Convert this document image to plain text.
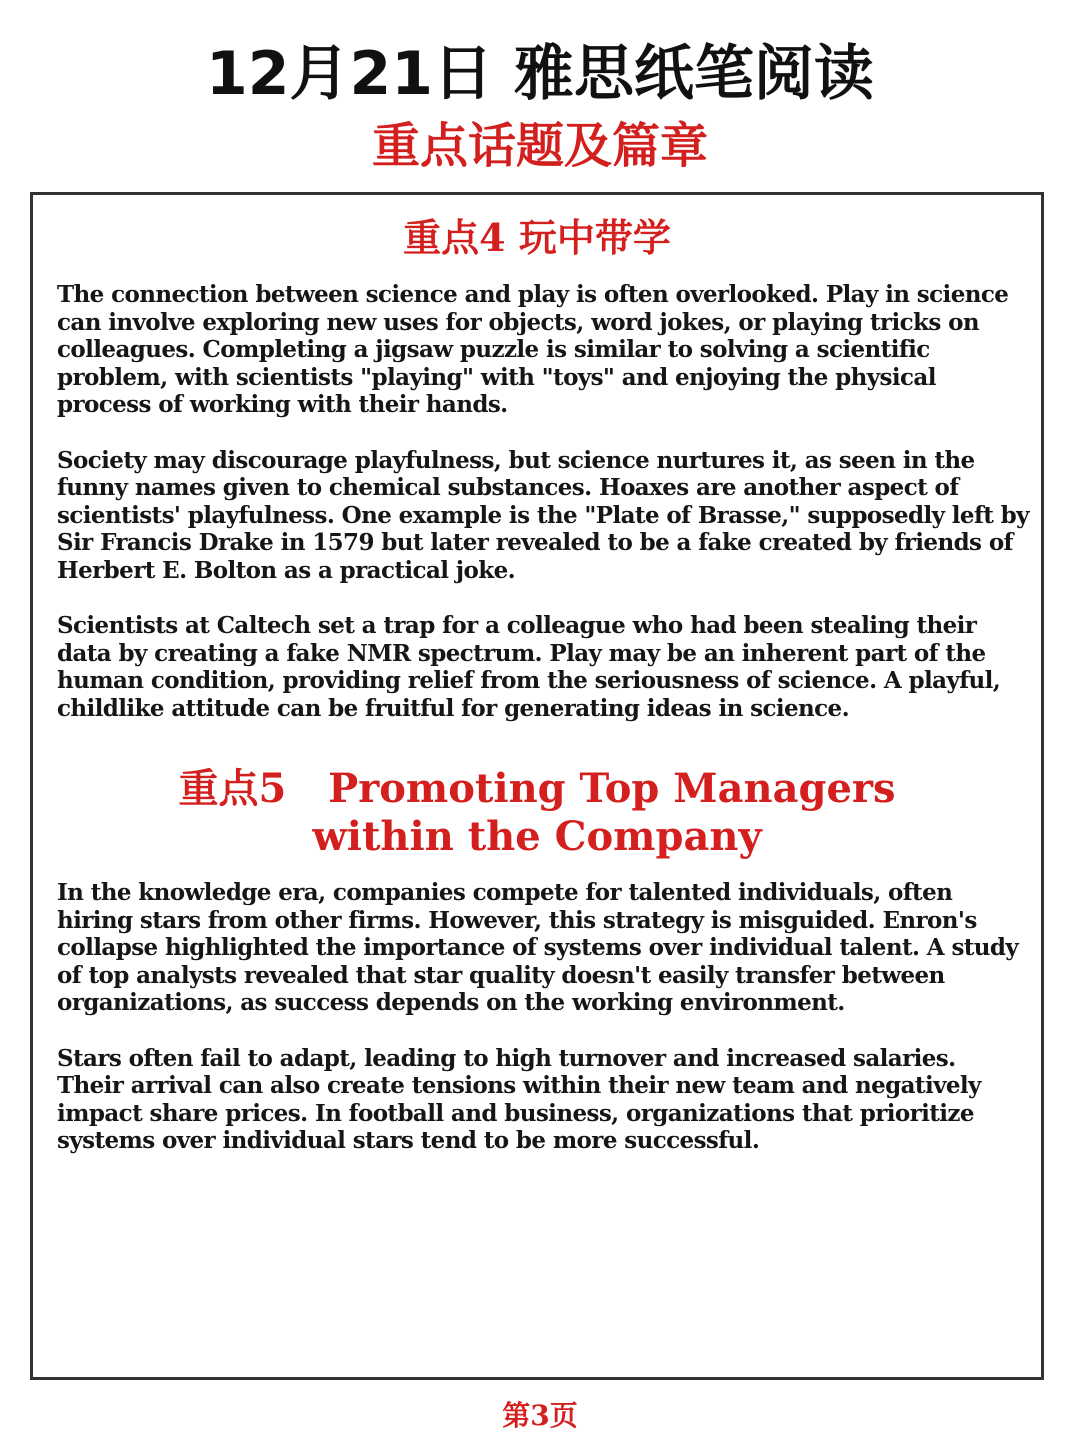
12月21日 雅思纸笔阅读
重点话题及篇章
重点4 玩中带学

The connection between science and play is often overlooked. Play in science can involve exploring new uses for objects, word jokes, or playing tricks on colleagues. Completing a jigsaw puzzle is similar to solving a scientific problem, with scientists "playing" with "toys" and enjoying the physical process of working with their hands.

Society may discourage playfulness, but science nurtures it, as seen in the funny names given to chemical substances. Hoaxes are another aspect of scientists' playfulness. One example is the "Plate of Brasse," supposedly left by Sir Francis Drake in 1579 but later revealed to be a fake created by friends of Herbert E. Bolton as a practical joke.

Scientists at Caltech set a trap for a colleague who had been stealing their data by creating a fake NMR spectrum. Play may be an inherent part of the human condition, providing relief from the seriousness of science. A playful, childlike attitude can be fruitful for generating ideas in science.

重点5   Promoting Top Managers
within the Company

In the knowledge era, companies compete for talented individuals, often hiring stars from other firms. However, this strategy is misguided. Enron's collapse highlighted the importance of systems over individual talent. A study of top analysts revealed that star quality doesn't easily transfer between organizations, as success depends on the working environment.

Stars often fail to adapt, leading to high turnover and increased salaries. Their arrival can also create tensions within their new team and negatively impact share prices. In football and business, organizations that prioritize systems over individual stars tend to be more successful.

第3页
